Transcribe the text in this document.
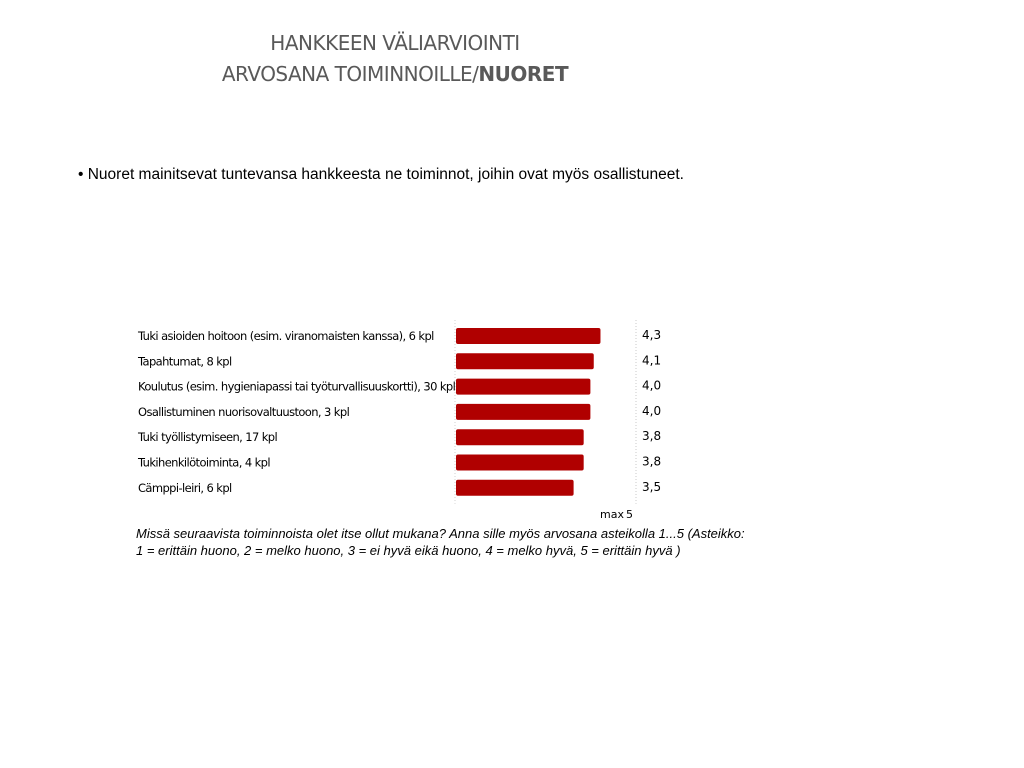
HANKKEEN VÄLIARVIOINTI
ARVOSANA TOIMINNOILLE/NUORET
• Nuoret mainitsevat tuntevansa hankkeesta ne toiminnot, joihin ovat myös osallistuneet.
Tuki asioiden hoitoon (esim. viranomaisten kanssa), 6 kpl	4,3
Tapahtumat, 8 kpl	4,1
Koulutus (esim. hygieniapassi tai työturvallisuuskortti), 30 kpl	4,0
Osallistuminen nuorisovaltuustoon, 3 kpl	4,0
Tuki työllistymiseen, 17 kpl	3,8
Tukihenkilötoiminta, 4 kpl	3,8
Cämppi-leiri, 6 kpl	3,5
max 5
Missä seuraavista toiminnoista olet itse ollut mukana? Anna sille myös arvosana asteikolla 1...5 (Asteikko: 1 = erittäin huono, 2 = melko huono, 3 = ei hyvä eikä huono, 4 = melko hyvä, 5 = erittäin hyvä )
